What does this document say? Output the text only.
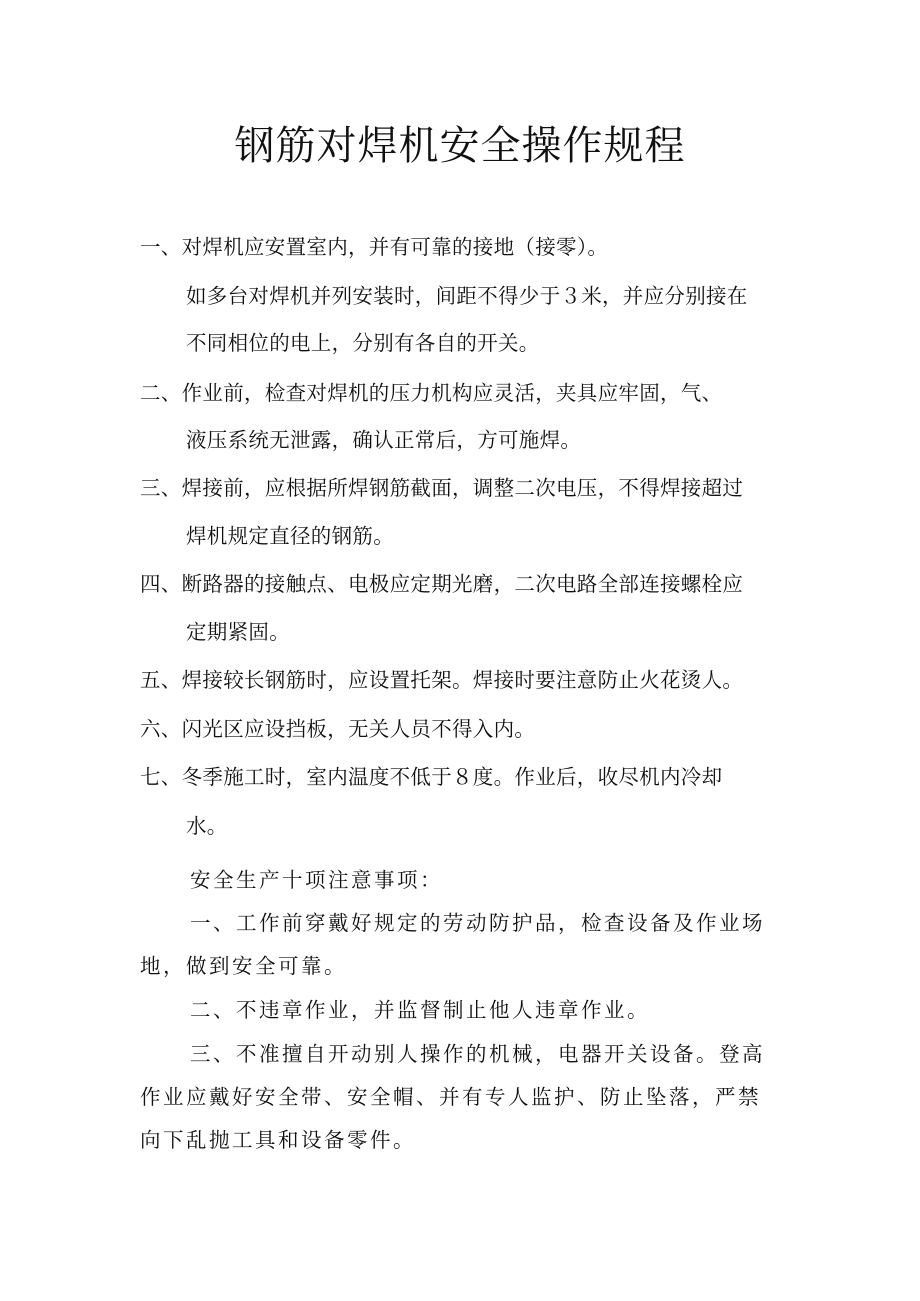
钢筋对焊机安全操作规程
一、对焊机应安置室内，并有可靠的接地（接零）。
如多台对焊机并列安装时，间距不得少于３米，并应分别接在
不同相位的电上，分别有各自的开关。
二、作业前，检查对焊机的压力机构应灵活，夹具应牢固，气、
液压系统无泄露，确认正常后，方可施焊。
三、焊接前，应根据所焊钢筋截面，调整二次电压，不得焊接超过
焊机规定直径的钢筋。
四、断路器的接触点、电极应定期光磨，二次电路全部连接螺栓应
定期紧固。
五、焊接较长钢筋时，应设置托架。焊接时要注意防止火花烫人。
六、闪光区应设挡板，无关人员不得入内。
七、冬季施工时，室内温度不低于８度。作业后，收尽机内冷却
水。
安全生产十项注意事项：
一、工作前穿戴好规定的劳动防护品，检查设备及作业场
地，做到安全可靠。
二、不违章作业，并监督制止他人违章作业。
三、不准擅自开动别人操作的机械，电器开关设备。登高
作业应戴好安全带、安全帽、并有专人监护、防止坠落，严禁
向下乱抛工具和设备零件。
